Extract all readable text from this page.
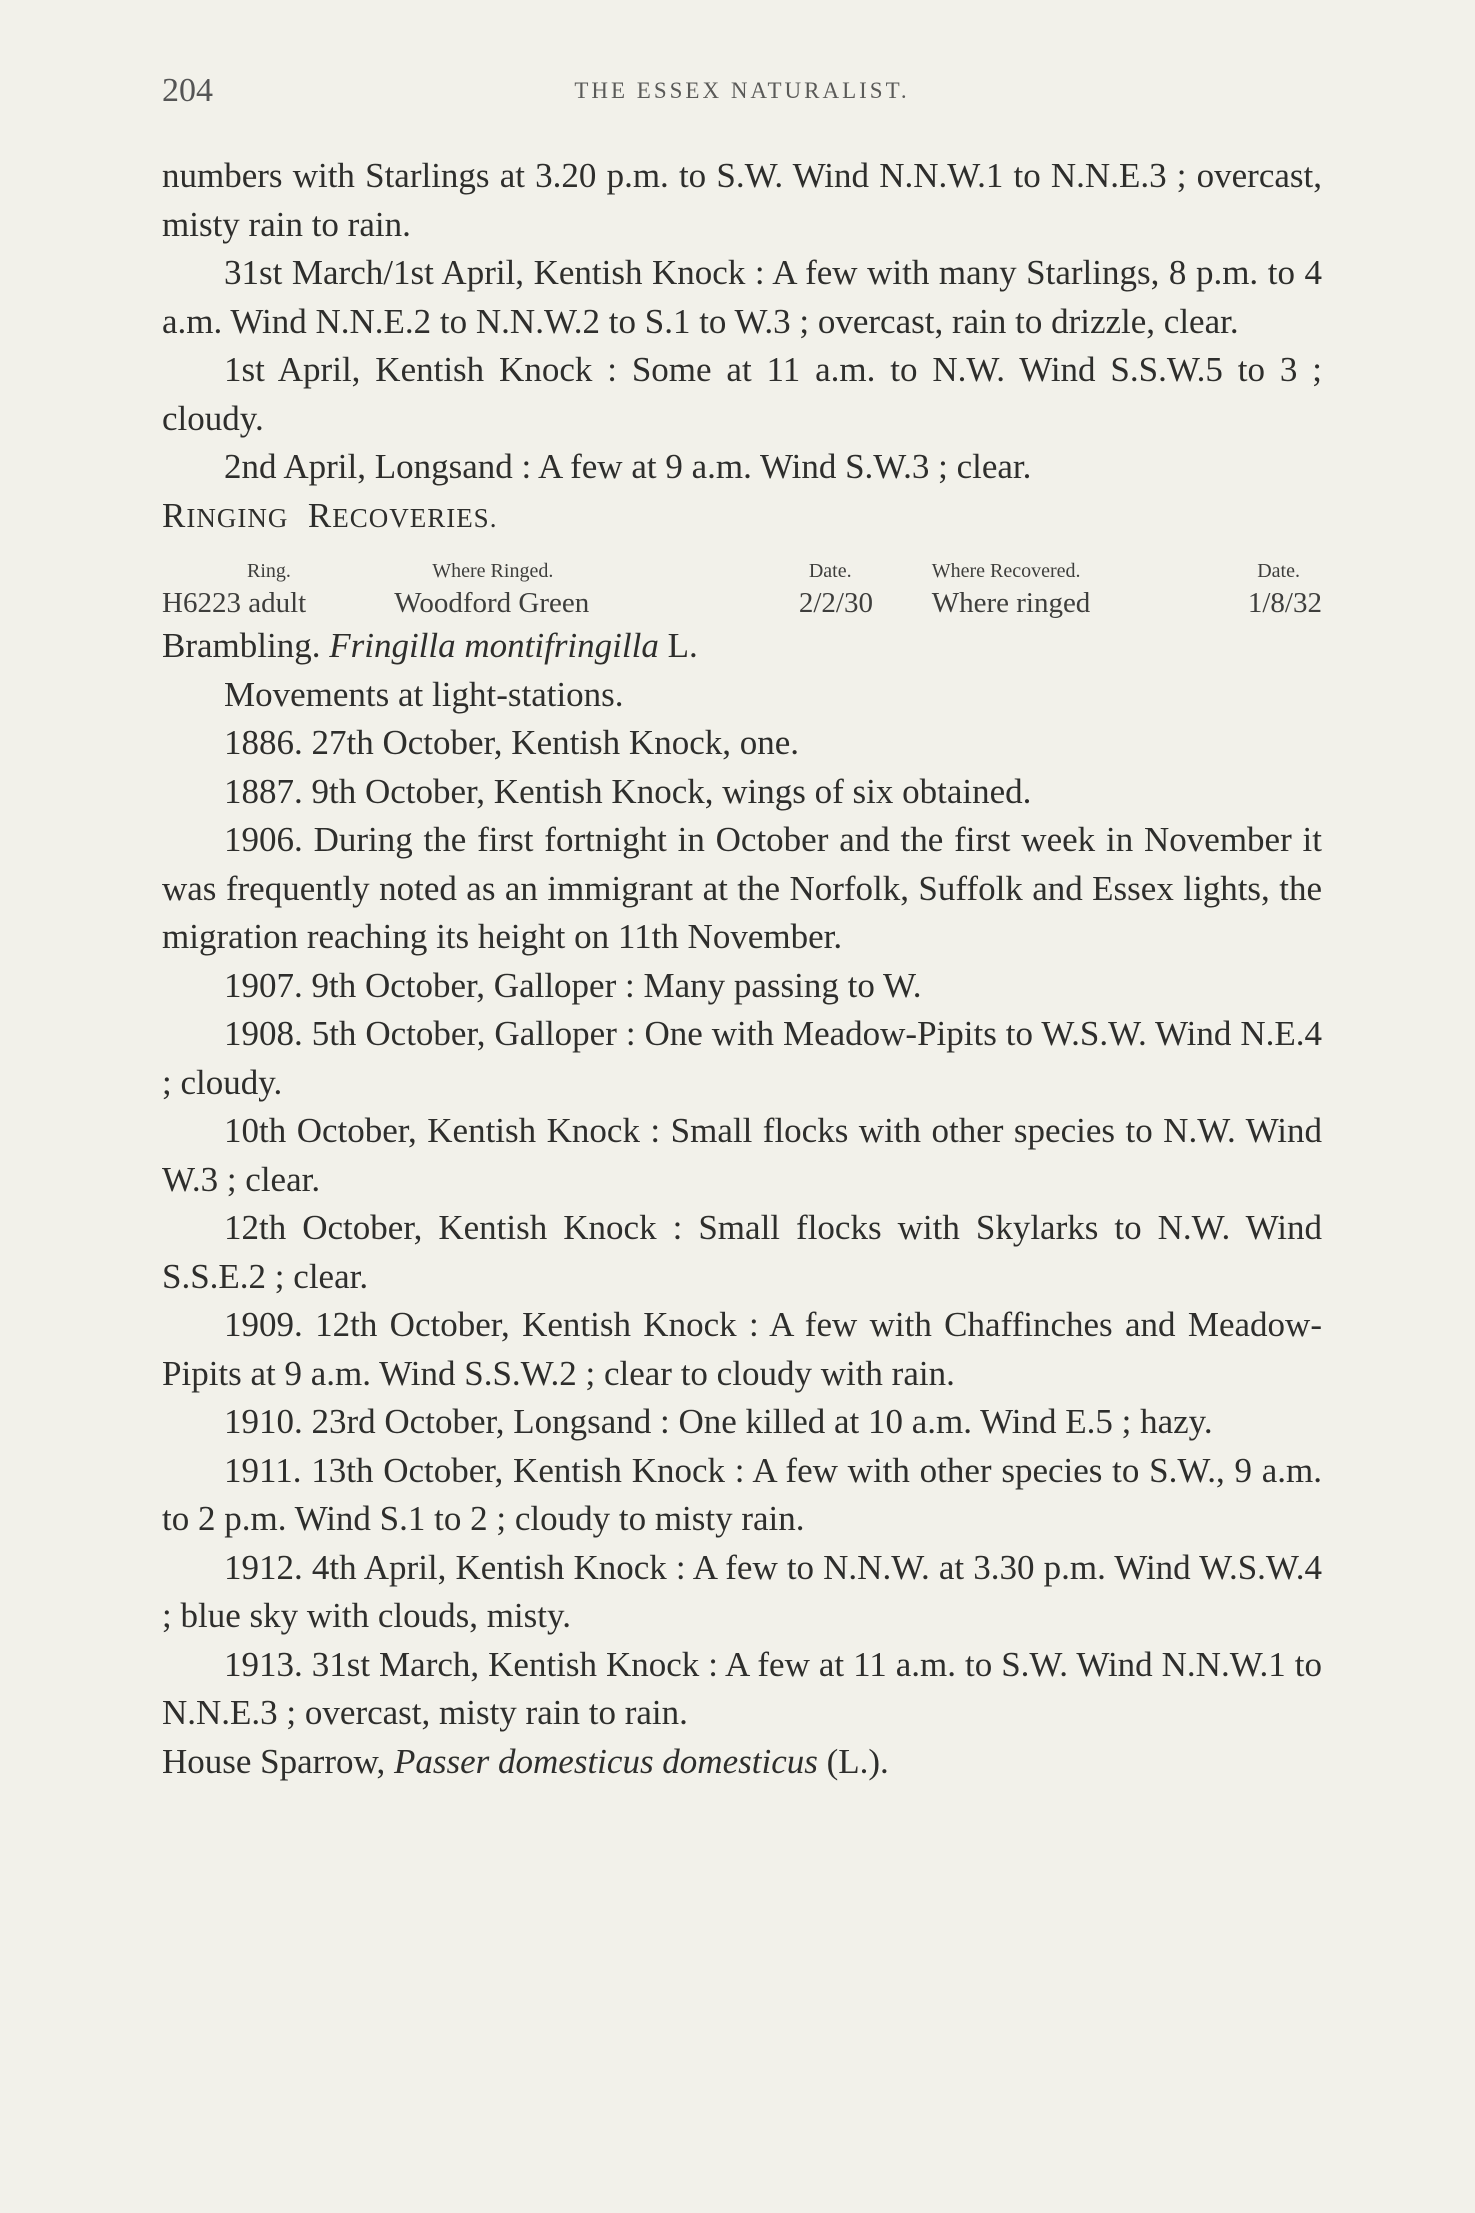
204	THE ESSEX NATURALIST.

numbers with Starlings at 3.20 p.m. to S.W. Wind N.N.W.1 to N.N.E.3 ; overcast, misty rain to rain.

31st March/1st April, Kentish Knock : A few with many Starlings, 8 p.m. to 4 a.m. Wind N.N.E.2 to N.N.W.2 to S.1 to W.3 ; overcast, rain to drizzle, clear.

1st April, Kentish Knock : Some at 11 a.m. to N.W. Wind S.S.W.5 to 3 ; cloudy.

2nd April, Longsand : A few at 9 a.m. Wind S.W.3 ; clear.

RINGING RECOVERIES.

Ring.	Where Ringed.	Date.	Where Recovered.	Date.
H6223 adult	Woodford Green	2/2/30	Where ringed	1/8/32

Brambling. Fringilla montifringilla L.

Movements at light-stations.

1886. 27th October, Kentish Knock, one.

1887. 9th October, Kentish Knock, wings of six obtained.

1906. During the first fortnight in October and the first week in November it was frequently noted as an immigrant at the Norfolk, Suffolk and Essex lights, the migration reaching its height on 11th November.

1907. 9th October, Galloper : Many passing to W.

1908. 5th October, Galloper : One with Meadow-Pipits to W.S.W. Wind N.E.4 ; cloudy.

10th October, Kentish Knock : Small flocks with other species to N.W. Wind W.3 ; clear.

12th October, Kentish Knock : Small flocks with Skylarks to N.W. Wind S.S.E.2 ; clear.

1909. 12th October, Kentish Knock : A few with Chaffinches and Meadow-Pipits at 9 a.m. Wind S.S.W.2 ; clear to cloudy with rain.

1910. 23rd October, Longsand : One killed at 10 a.m. Wind E.5 ; hazy.

1911. 13th October, Kentish Knock : A few with other species to S.W., 9 a.m. to 2 p.m. Wind S.1 to 2 ; cloudy to misty rain.

1912. 4th April, Kentish Knock : A few to N.N.W. at 3.30 p.m. Wind W.S.W.4 ; blue sky with clouds, misty.

1913. 31st March, Kentish Knock : A few at 11 a.m. to S.W. Wind N.N.W.1 to N.N.E.3 ; overcast, misty rain to rain.

House Sparrow, Passer domesticus domesticus (L.).
